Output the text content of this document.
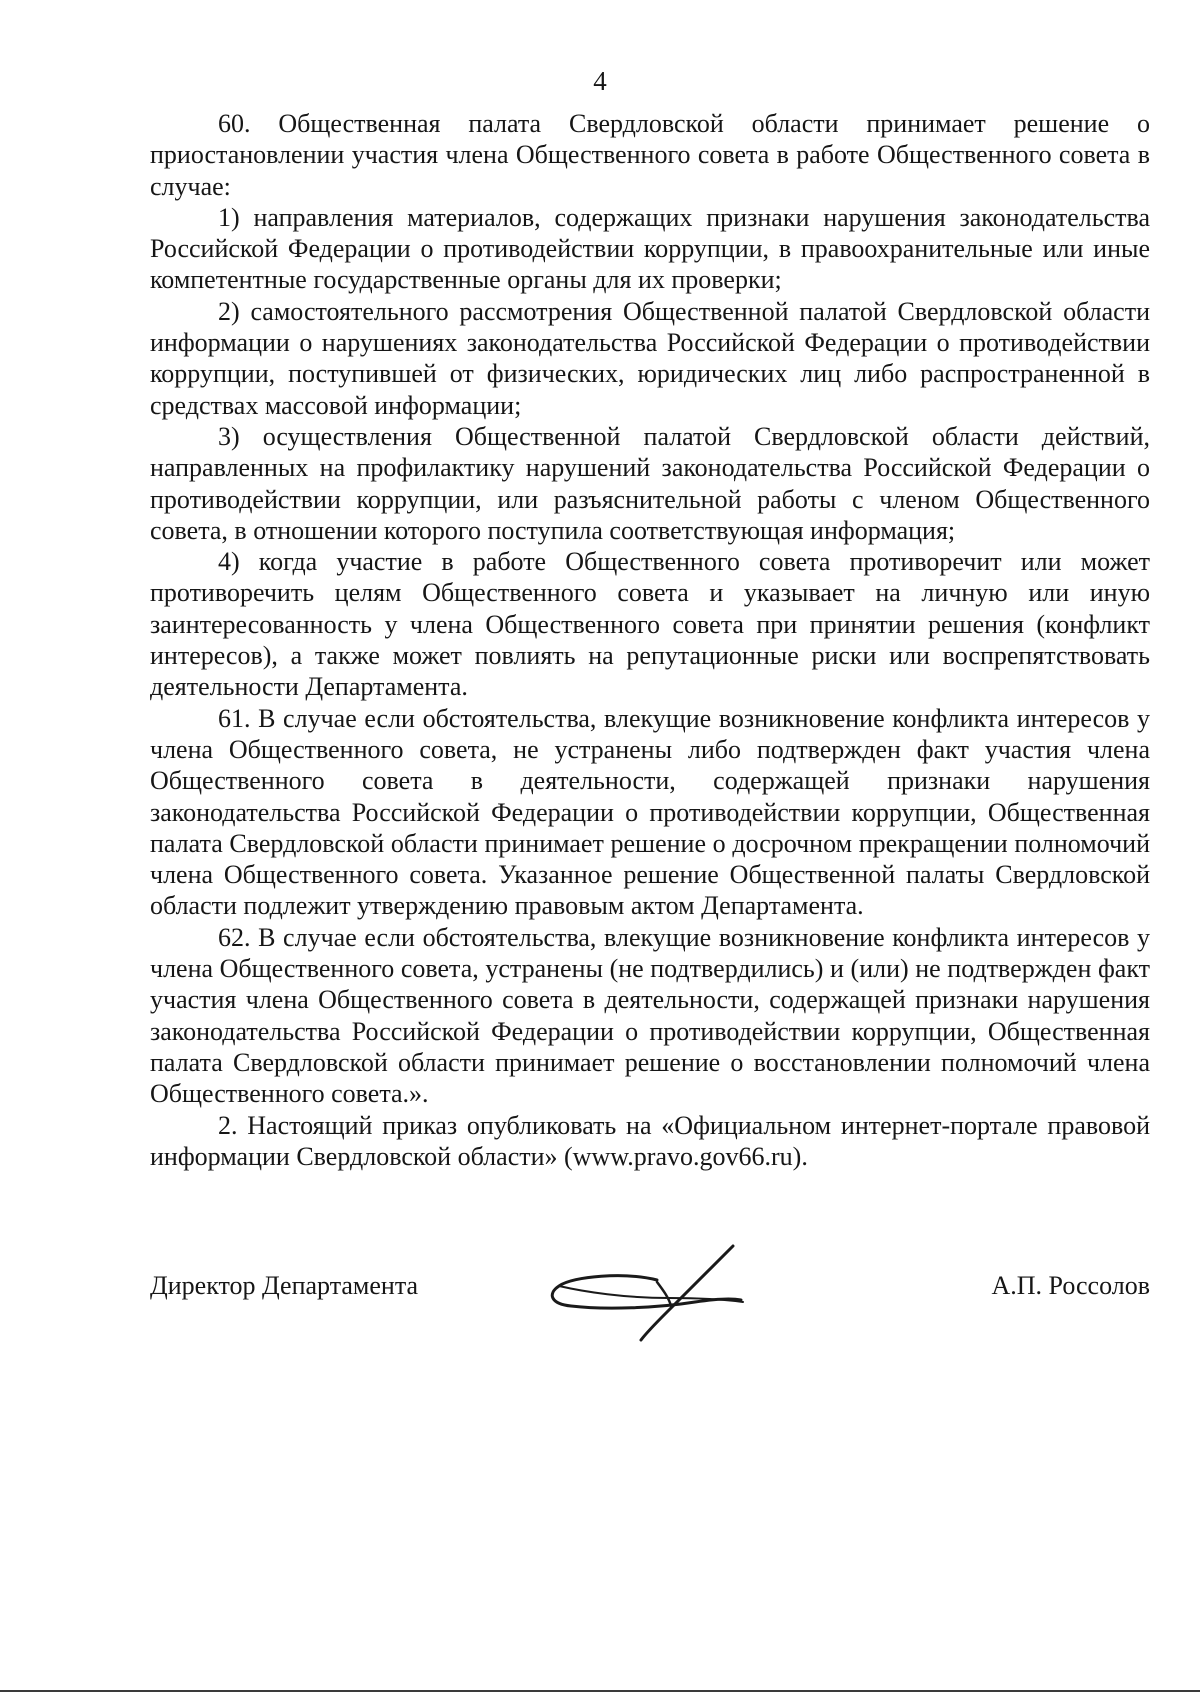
4

60. Общественная палата Свердловской области принимает решение о приостановлении участия члена Общественного совета в работе Общественного совета в случае:

1) направления материалов, содержащих признаки нарушения законодательства Российской Федерации о противодействии коррупции, в правоохранительные или иные компетентные государственные органы для их проверки;

2) самостоятельного рассмотрения Общественной палатой Свердловской области информации о нарушениях законодательства Российской Федерации о противодействии коррупции, поступившей от физических, юридических лиц либо распространенной в средствах массовой информации;

3) осуществления Общественной палатой Свердловской области действий, направленных на профилактику нарушений законодательства Российской Федерации о противодействии коррупции, или разъяснительной работы с членом Общественного совета, в отношении которого поступила соответствующая информация;

4) когда участие в работе Общественного совета противоречит или может противоречить целям Общественного совета и указывает на личную или иную заинтересованность у члена Общественного совета при принятии решения (конфликт интересов), а также может повлиять на репутационные риски или воспрепятствовать деятельности Департамента.

61. В случае если обстоятельства, влекущие возникновение конфликта интересов у члена Общественного совета, не устранены либо подтвержден факт участия члена Общественного совета в деятельности, содержащей признаки нарушения законодательства Российской Федерации о противодействии коррупции, Общественная палата Свердловской области принимает решение о досрочном прекращении полномочий члена Общественного совета. Указанное решение Общественной палаты Свердловской области подлежит утверждению правовым актом Департамента.

62. В случае если обстоятельства, влекущие возникновение конфликта интересов у члена Общественного совета, устранены (не подтвердились) и (или) не подтвержден факт участия члена Общественного совета в деятельности, содержащей признаки нарушения законодательства Российской Федерации о противодействии коррупции, Общественная палата Свердловской области принимает решение о восстановлении полномочий члена Общественного совета.».

2. Настоящий приказ опубликовать на «Официальном интернет-портале правовой информации Свердловской области» (www.pravo.gov66.ru).

Директор Департамента	А.П. Россолов
